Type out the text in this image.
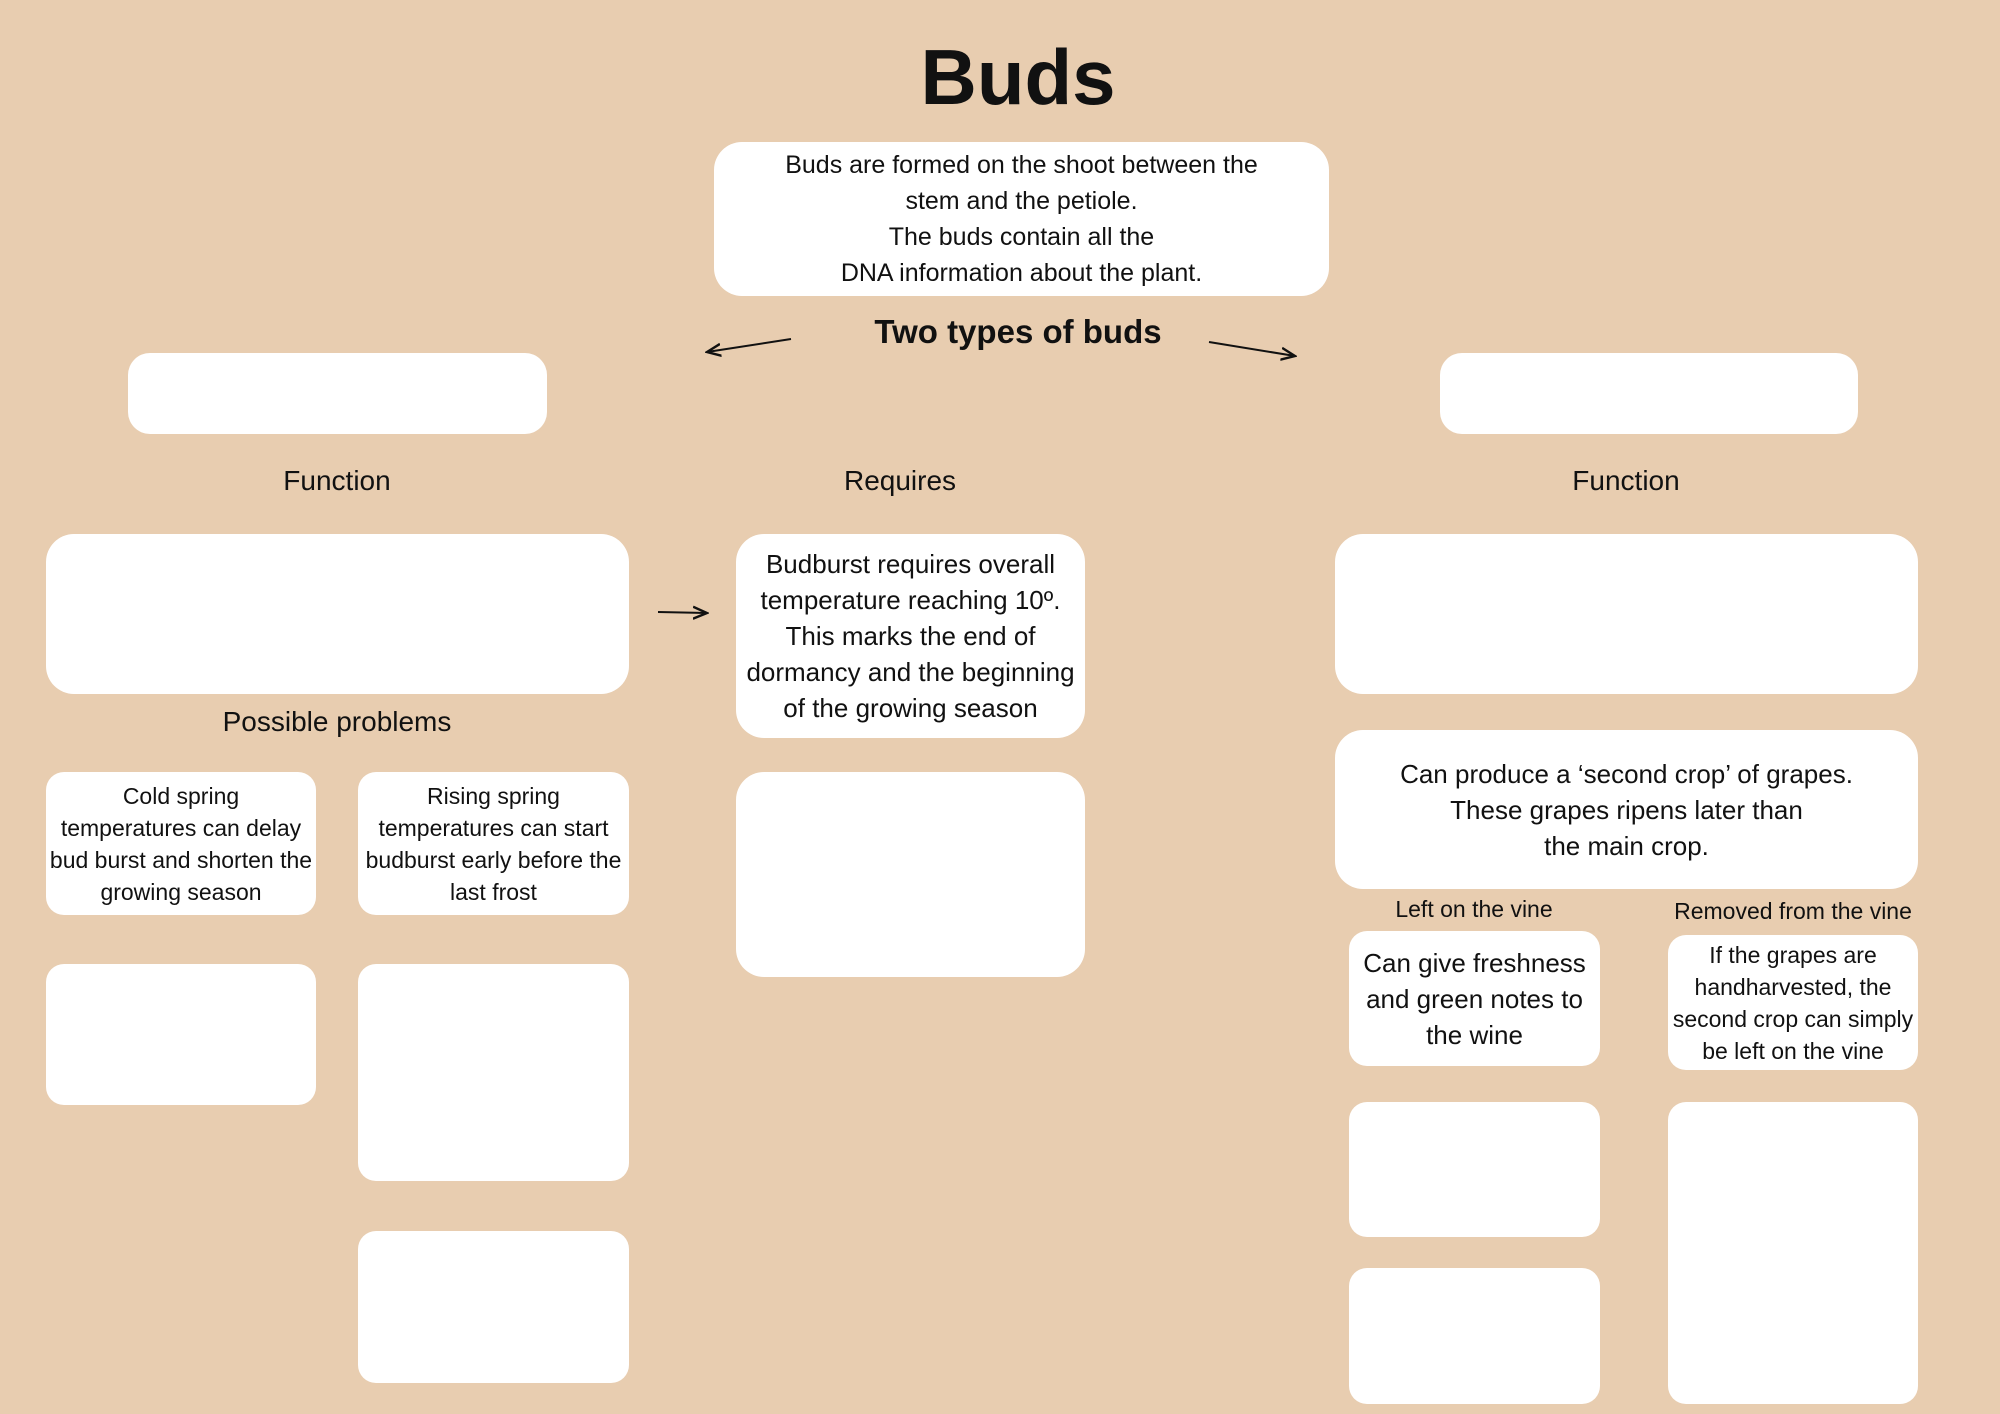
Buds
Buds are formed on the shoot between the
stem and the petiole.
The buds contain all the
DNA information about the plant.
Two types of buds
Function	Requires	Function
Budburst requires overall
temperature reaching 10º.
This marks the end of
dormancy and the beginning
of the growing season
Possible problems
Cold spring
temperatures can delay
bud burst and shorten the
growing season
Rising spring
temperatures can start
budburst early before the
last frost
Can produce a ‘second crop’ of grapes.
These grapes ripens later than
the main crop.
Left on the vine	Removed from the vine
Can give freshness
and green notes to
the wine
If the grapes are
handharvested, the
second crop can simply
be left on the vine
